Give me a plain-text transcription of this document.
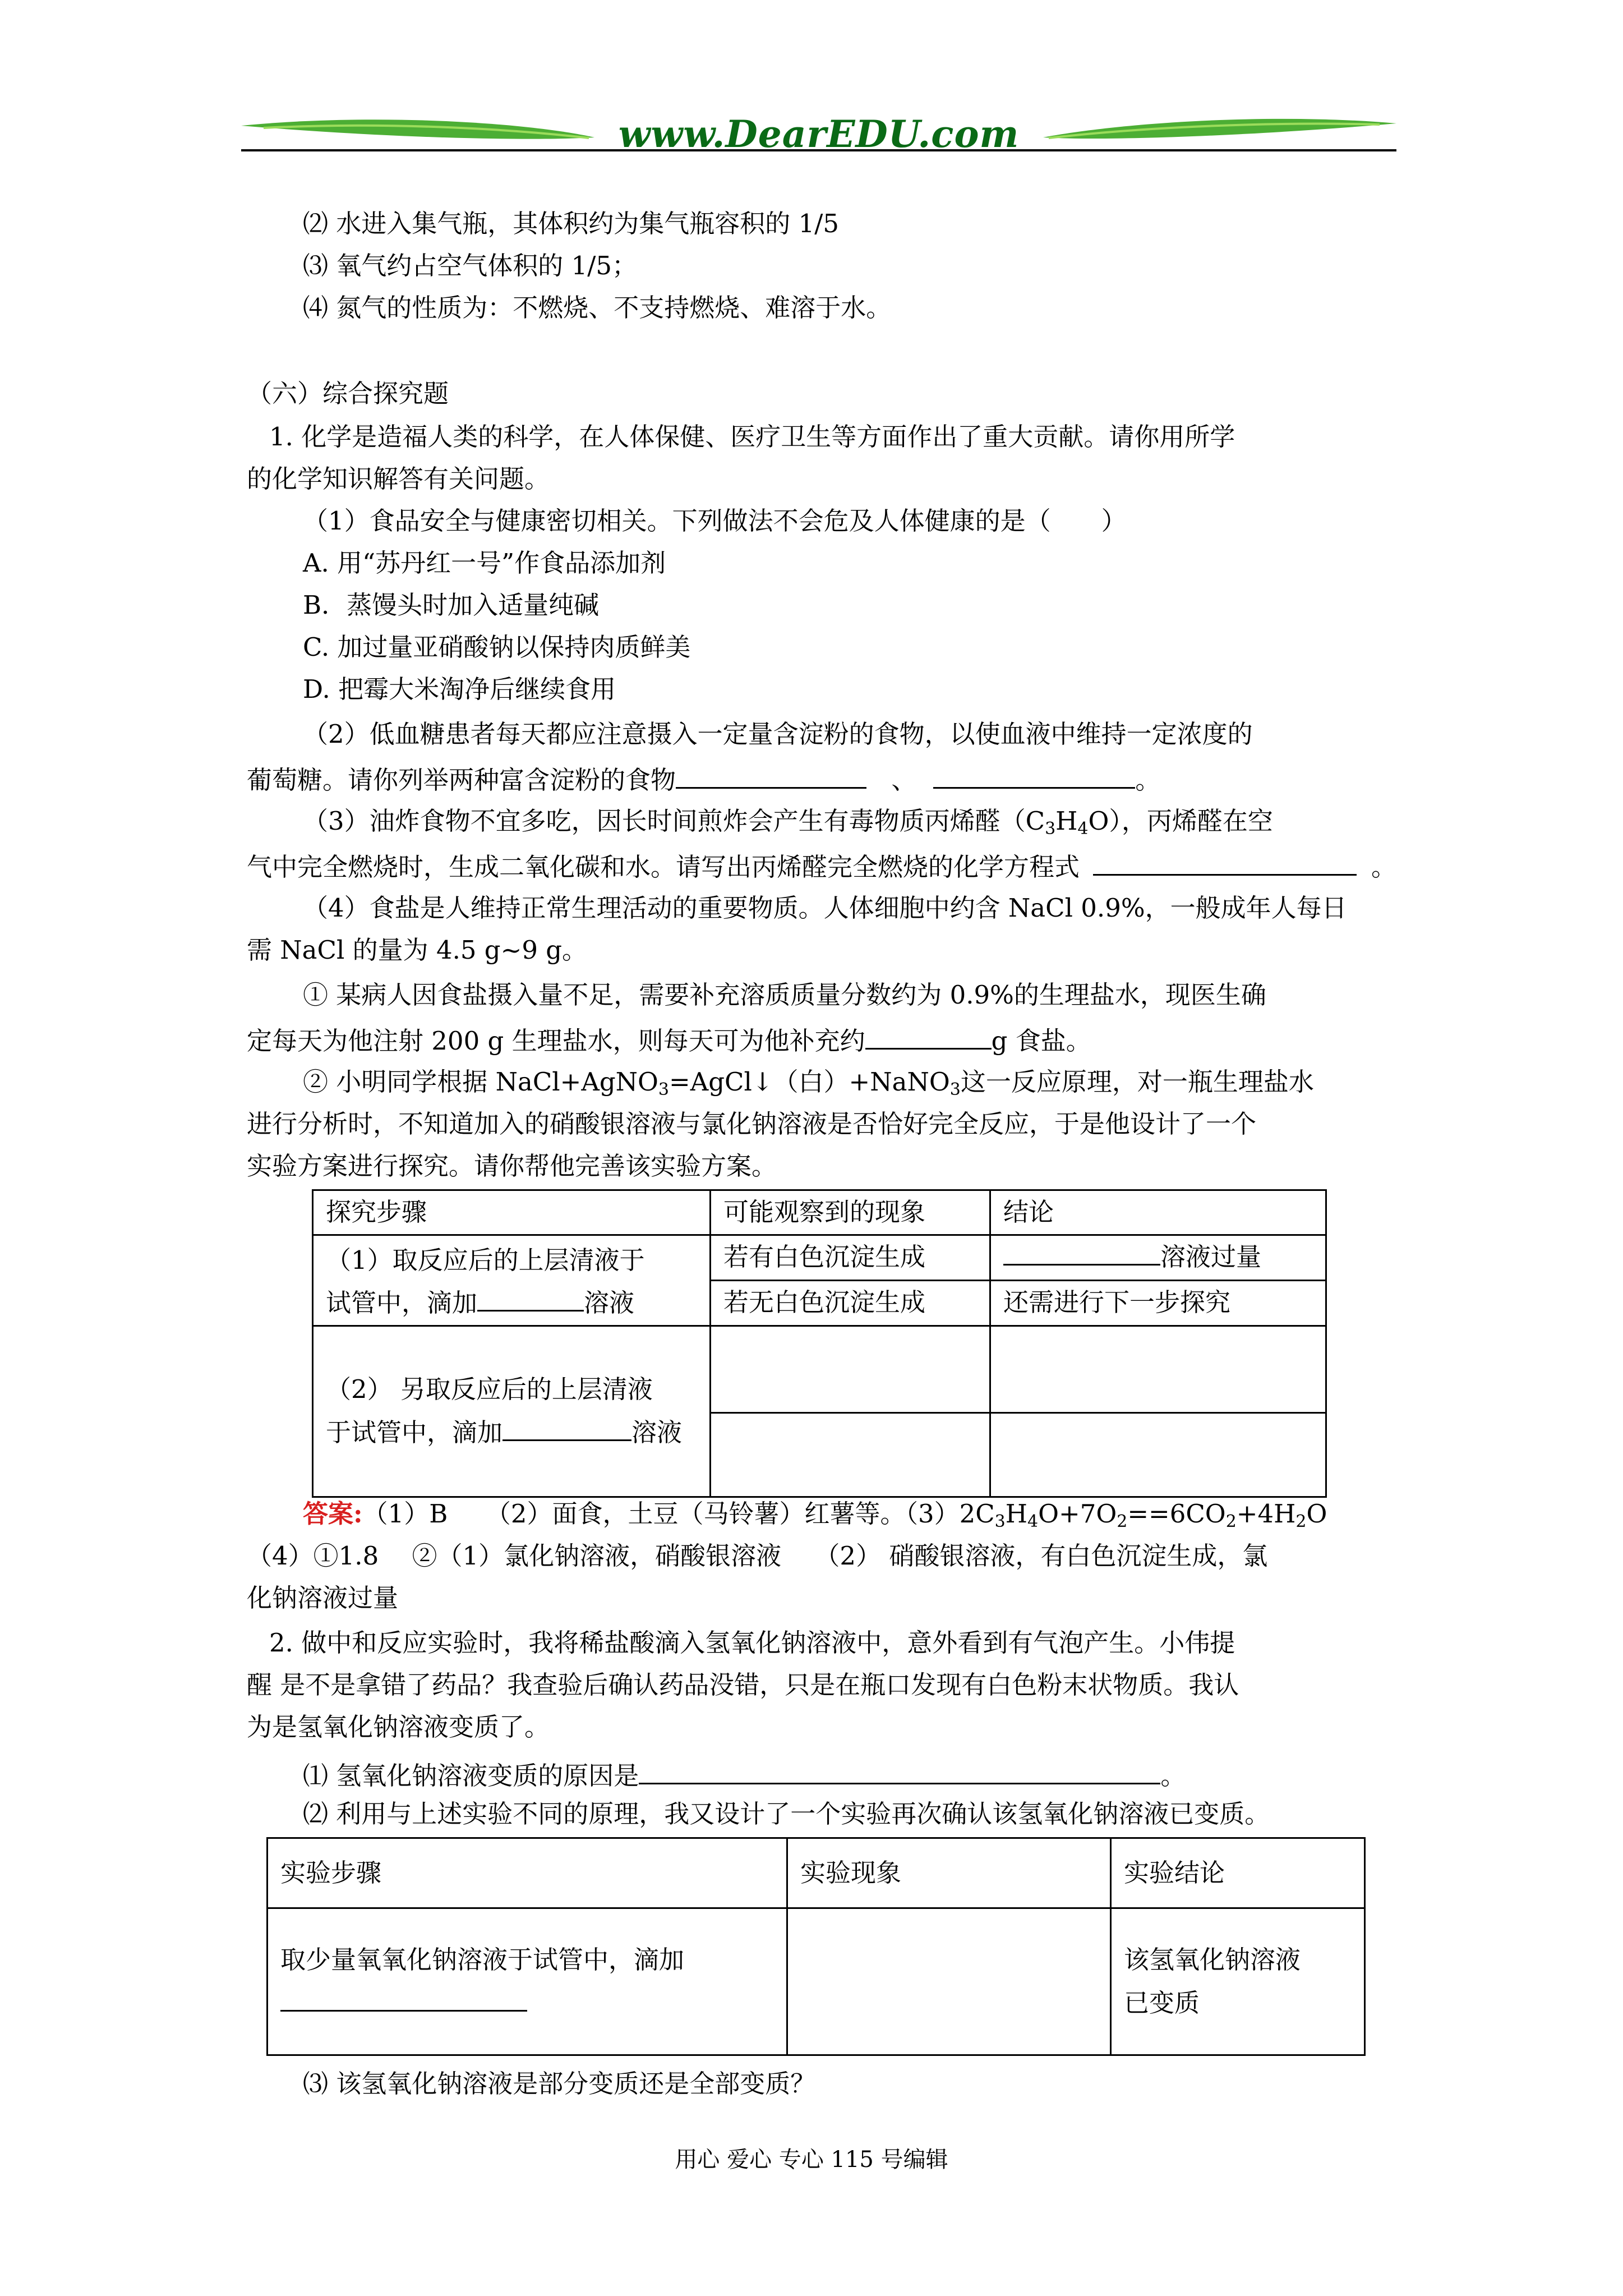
www.DearEDU.com
⑵ 水进入集气瓶，其体积约为集气瓶容积的 1/5
⑶ 氧气约占空气体积的 1/5；
⑷ 氮气的性质为：不燃烧、不支持燃烧、难溶于水。
（六）综合探究题
1. 化学是造福人类的科学，在人体保健、医疗卫生等方面作出了重大贡献。请你用所学
的化学知识解答有关问题。
（1）食品安全与健康密切相关。下列做法不会危及人体健康的是（　　）
A. 用“苏丹红一号”作食品添加剂
B．蒸馒头时加入适量纯碱
C. 加过量亚硝酸钠以保持肉质鲜美
D. 把霉大米淘净后继续食用
（2）低血糖患者每天都应注意摄入一定量含淀粉的食物，以使血液中维持一定浓度的
葡萄糖。请你列举两种富含淀粉的食物	、	。
（3）油炸食物不宜多吃，因长时间煎炸会产生有毒物质丙烯醛$(C_3H_4O)$，丙烯醛在空
气中完全燃烧时，生成二氧化碳和水。请写出丙烯醛完全燃烧的化学方程式	。
（4）食盐是人维持正常生理活动的重要物质。人体细胞中约含 NaCl 0.9%，一般成年人每日
需 NaCl 的量为 4.5 g~9 g。
① 某病人因食盐摄入量不足，需要补充溶质质量分数约为 0.9%的生理盐水，现医生确
定每天为他注射 200 g 生理盐水，则每天可为他补充约	g 食盐。
② 小明同学根据 NaCl+AgNO$_3$=AgCl↓（白）+NaNO$_3$这一反应原理，对一瓶生理盐水
进行分析时，不知道加入的硝酸银溶液与氯化钠溶液是否恰好完全反应，于是他设计了一个
实验方案进行探究。请你帮他完善该实验方案。
探究步骤	可能观察到的现象	结论

（1）取反应后的上层清液于
试管中，滴加 溶液	若有白色沉淀生成	溶液过量
	若无白色沉淀生成	还需进行下一步探究

（2） 另取反应后的上层清液
于试管中，滴加 溶液		

答案:（1）B　　（2）面食，土豆（马铃薯）红薯等。$(3)2C_3H_4O+7O_2==6CO_2+4H_2O$
（4）①1.8　 ②（1）氯化钠溶液，硝酸银溶液　 （2） 硝酸银溶液，有白色沉淀生成，氯
化钠溶液过量
2. 做中和反应实验时，我将稀盐酸滴入氢氧化钠溶液中，意外看到有气泡产生。小伟提
醒 是不是拿错了药品？我查验后确认药品没错，只是在瓶口发现有白色粉末状物质。我认
为是氢氧化钠溶液变质了。
⑴ 氢氧化钠溶液变质的原因是	。
⑵ 利用与上述实验不同的原理，我又设计了一个实验再次确认该氢氧化钠溶液已变质。
实验步骤	实验现象	实验结论

取少量氧氧化钠溶液于试管中，滴加		该氢氧化钠溶液
已变质
⑶ 该氢氧化钠溶液是部分变质还是全部变质？
用心 爱心 专心 115 号编辑
